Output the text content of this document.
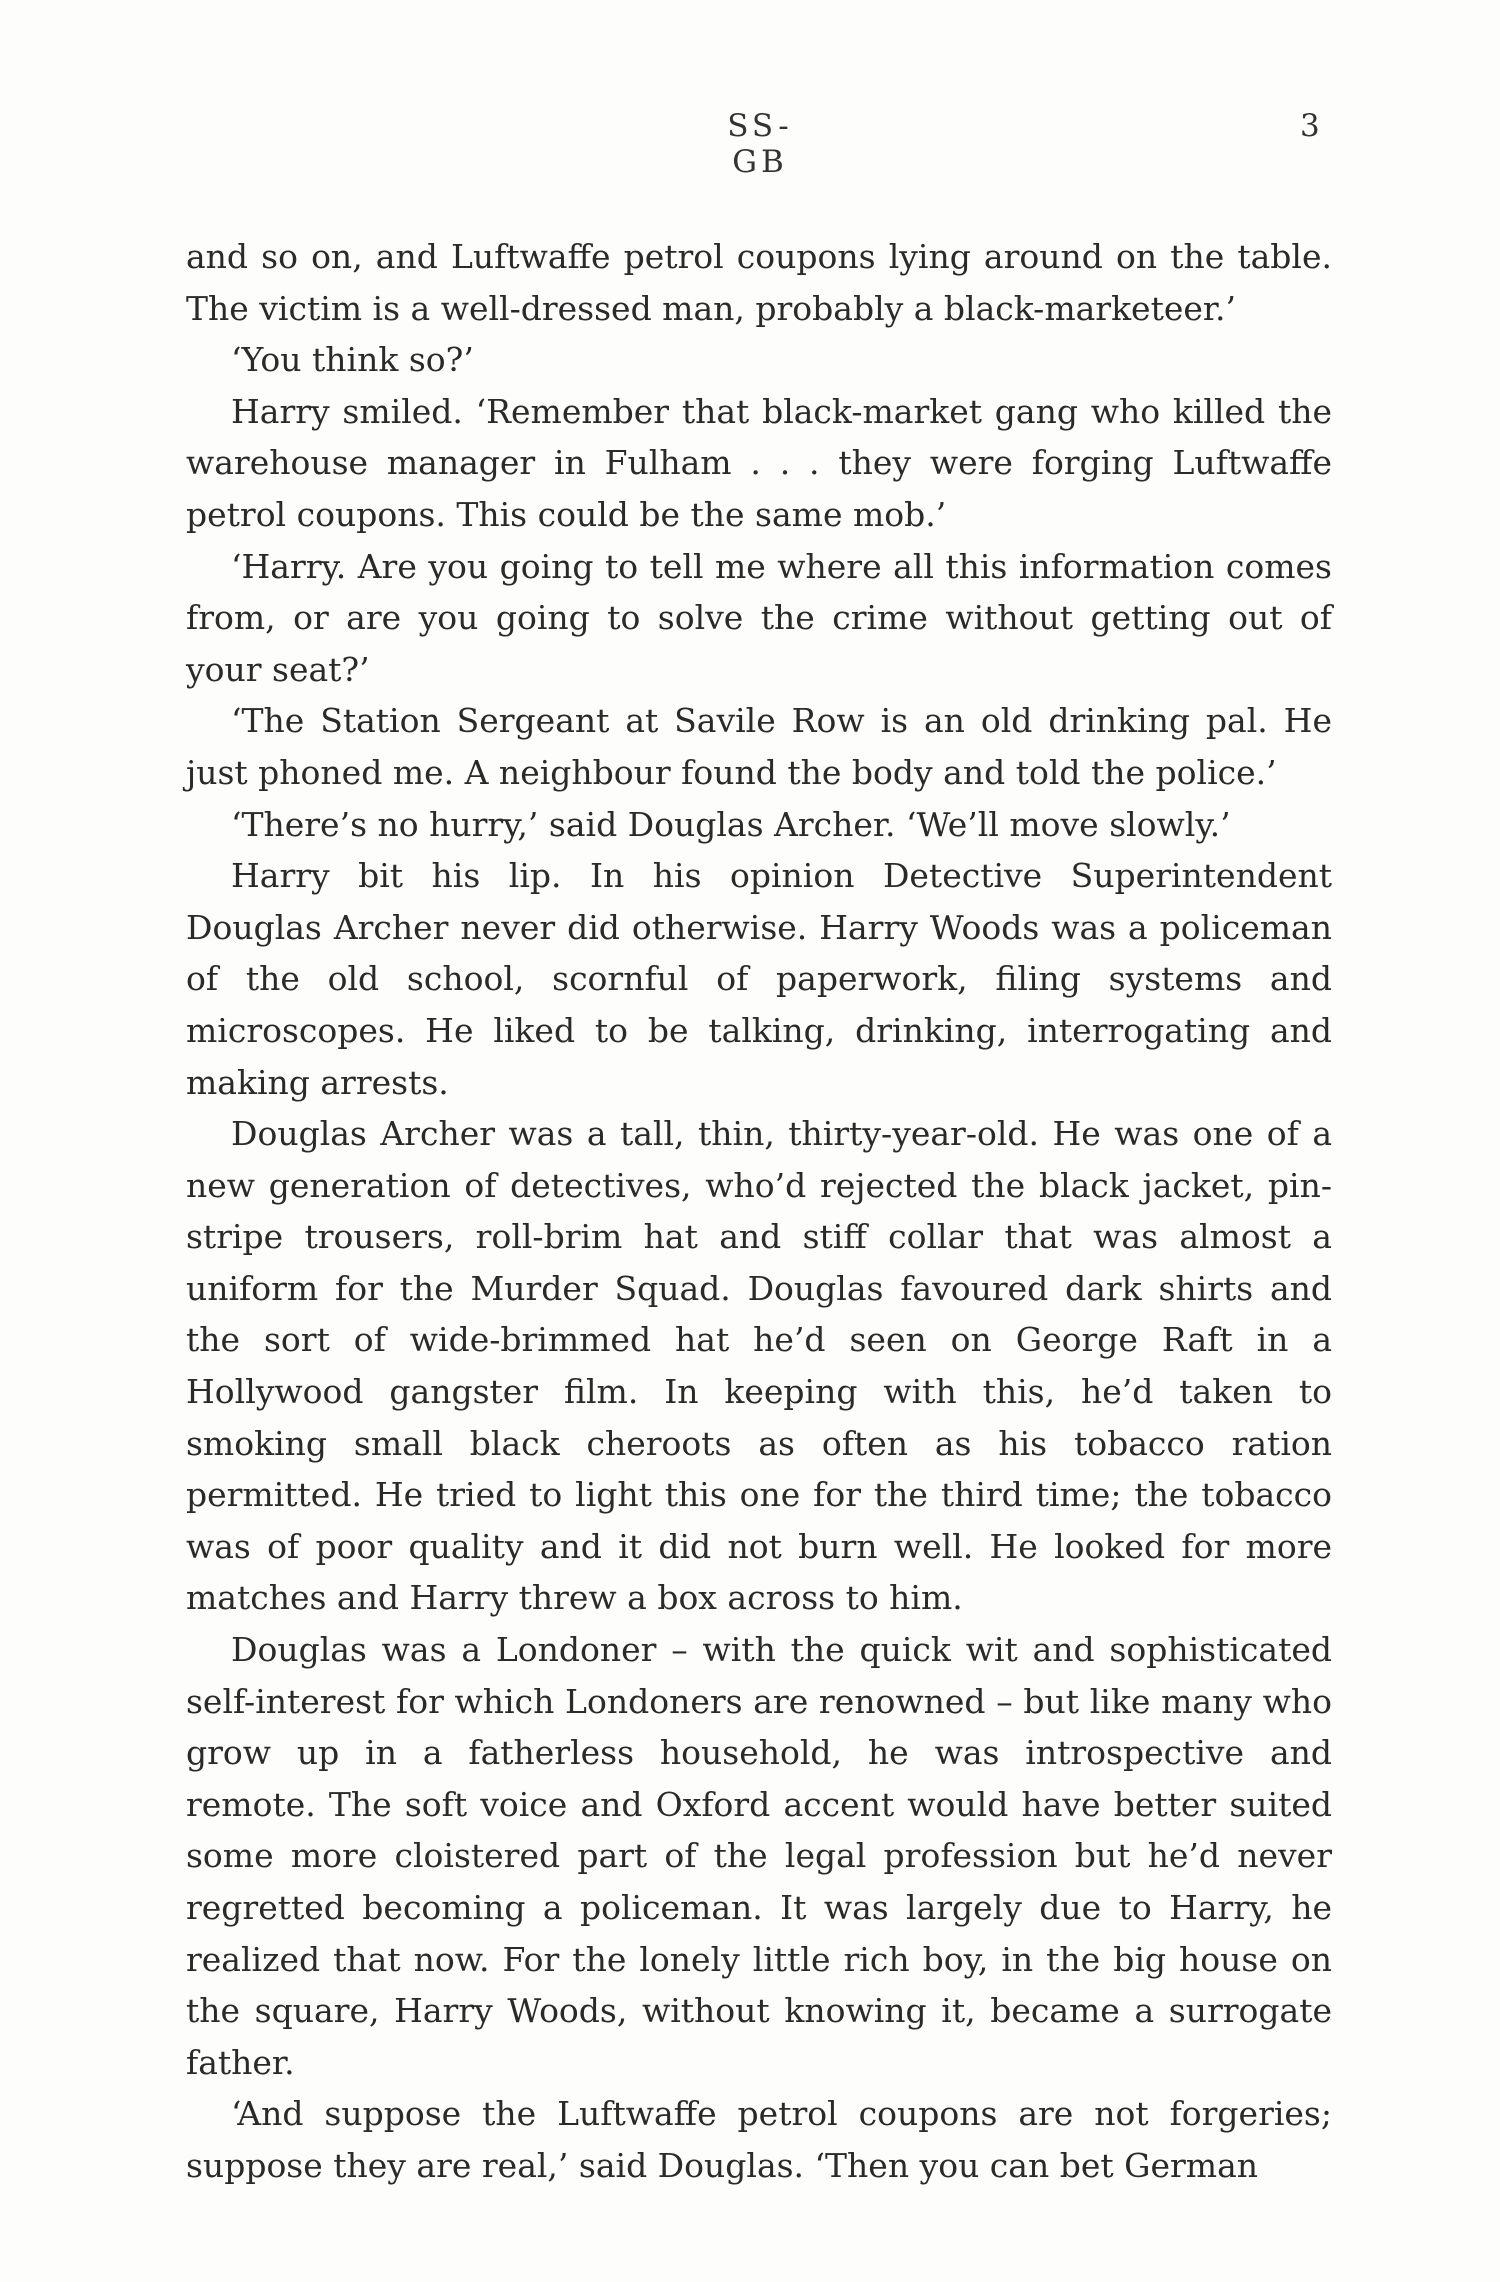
SS-GB
3

and so on, and Luftwaffe petrol coupons lying around on the table. The victim is a well-dressed man, probably a black-marketeer.’

‘You think so?’

Harry smiled. ‘Remember that black-market gang who killed the warehouse manager in Fulham . . . they were forging Luftwaffe petrol coupons. This could be the same mob.’

‘Harry. Are you going to tell me where all this information comes from, or are you going to solve the crime without getting out of your seat?’

‘The Station Sergeant at Savile Row is an old drinking pal. He just phoned me. A neighbour found the body and told the police.’

‘There’s no hurry,’ said Douglas Archer. ‘We’ll move slowly.’

Harry bit his lip. In his opinion Detective Superintendent Douglas Archer never did otherwise. Harry Woods was a policeman of the old school, scornful of paperwork, filing systems and microscopes. He liked to be talking, drinking, interrogating and making arrests.

Douglas Archer was a tall, thin, thirty-year-old. He was one of a new generation of detectives, who’d rejected the black jacket, pin-stripe trousers, roll-brim hat and stiff collar that was almost a uniform for the Murder Squad. Douglas favoured dark shirts and the sort of wide-brimmed hat he’d seen on George Raft in a Hollywood gangster film. In keeping with this, he’d taken to smoking small black cheroots as often as his tobacco ration permitted. He tried to light this one for the third time; the tobacco was of poor quality and it did not burn well. He looked for more matches and Harry threw a box across to him.

Douglas was a Londoner – with the quick wit and sophisticated self-interest for which Londoners are renowned – but like many who grow up in a fatherless household, he was introspective and remote. The soft voice and Oxford accent would have better suited some more cloistered part of the legal profession but he’d never regretted becoming a policeman. It was largely due to Harry, he realized that now. For the lonely little rich boy, in the big house on the square, Harry Woods, without knowing it, became a surrogate father.

‘And suppose the Luftwaffe petrol coupons are not forgeries; suppose they are real,’ said Douglas. ‘Then you can bet German
